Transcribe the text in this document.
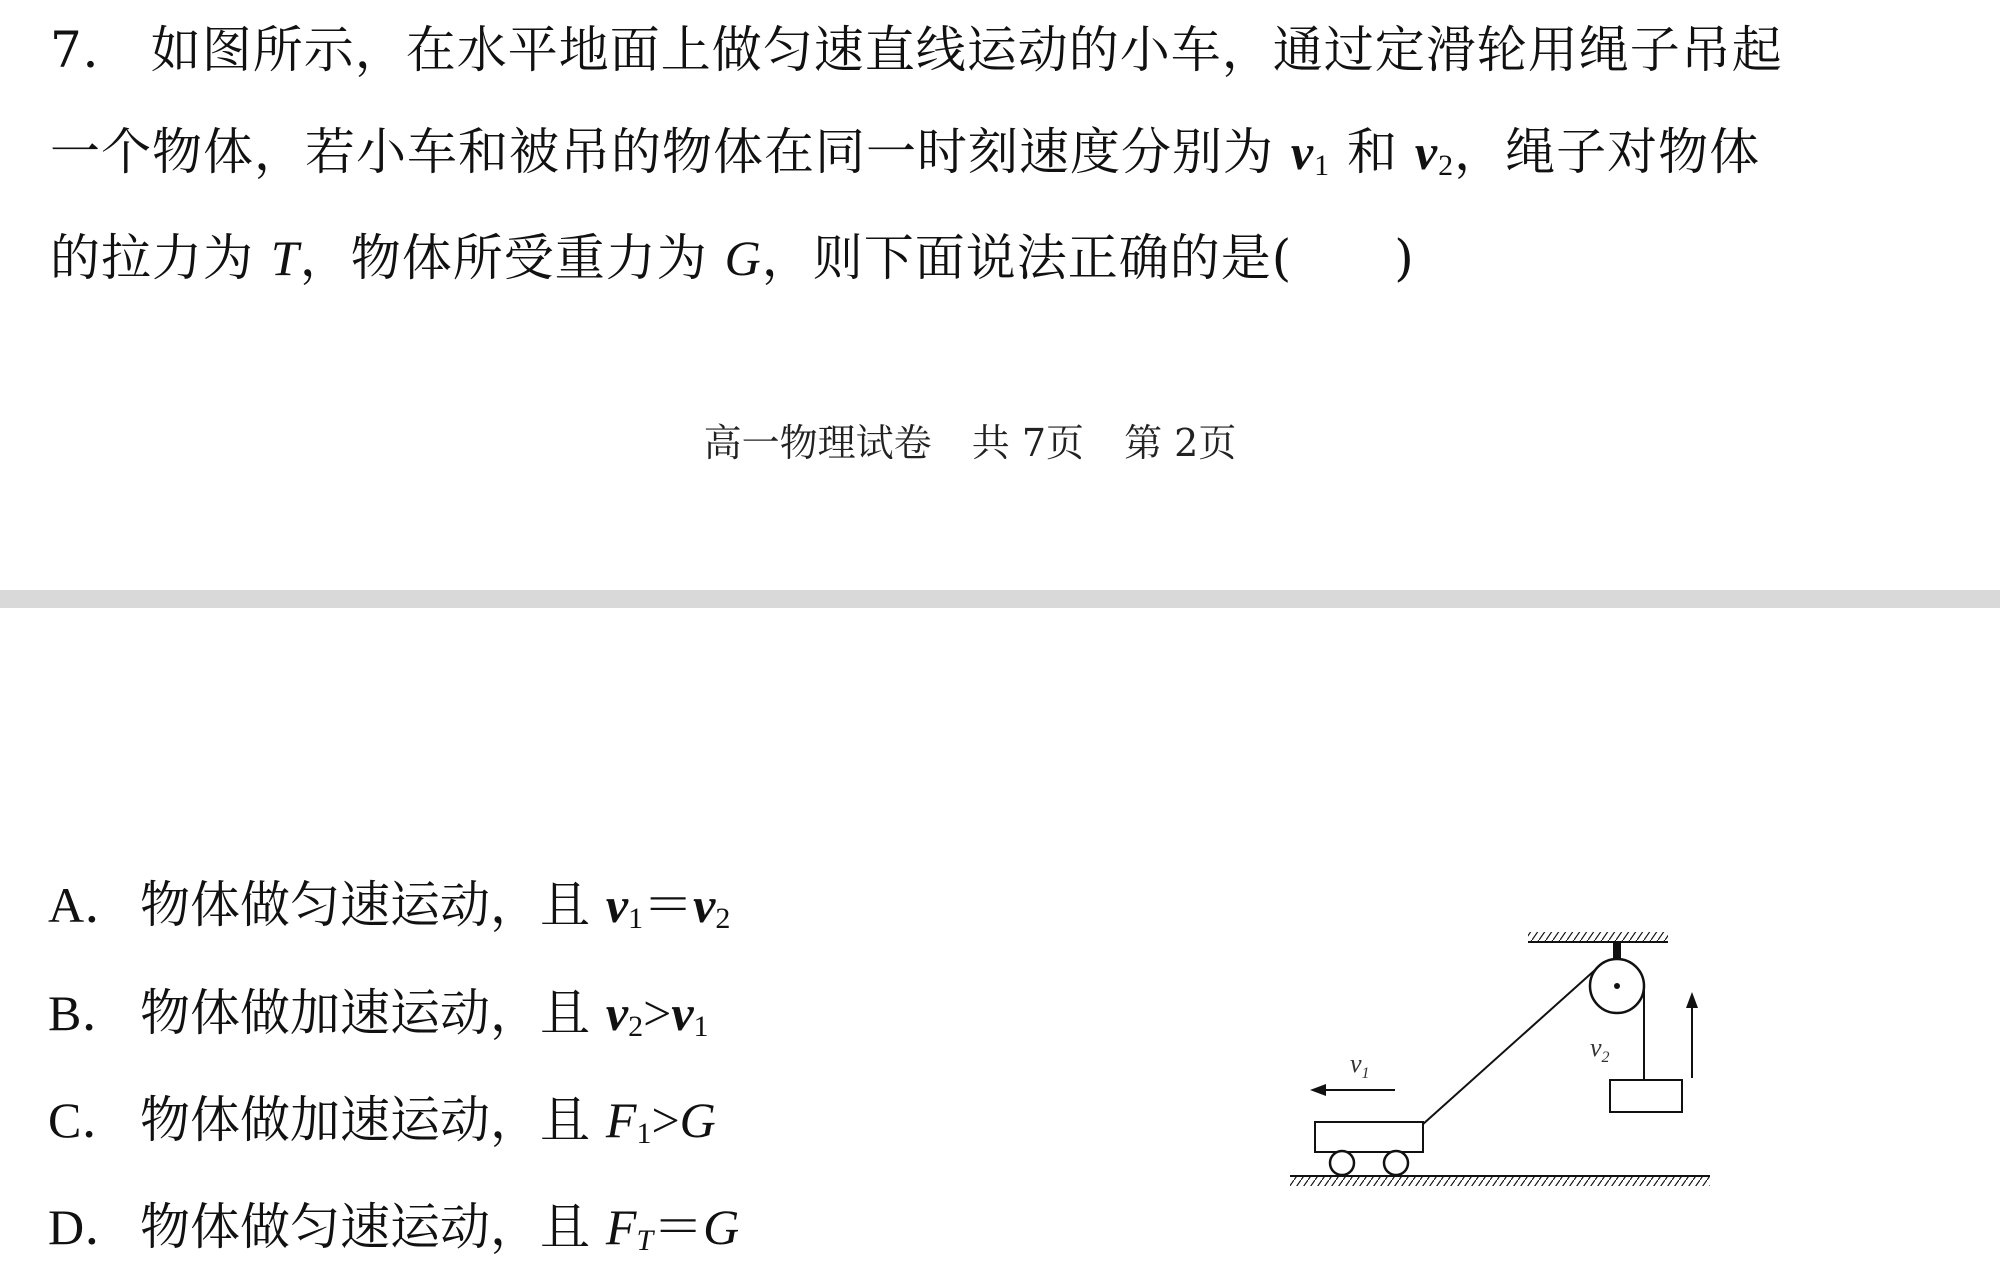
7． 如图所示，在水平地面上做匀速直线运动的小车，通过定滑轮用绳子吊起
一个物体，若小车和被吊的物体在同一时刻速度分别为 $v_1$ 和 $v_2$，绳子对物体
的拉力为 T，物体所受重力为 G，则下面说法正确的是(　　)
高一物理试卷 共 7页 第 2页
A． 物体做匀速运动，且 $v_1=v_2$
B． 物体做加速运动，且 $v_2>v_1$
C． 物体做加速运动，且 $F_1>G$
D． 物体做匀速运动，且 FT＝G
$v_2$
$v_1$
